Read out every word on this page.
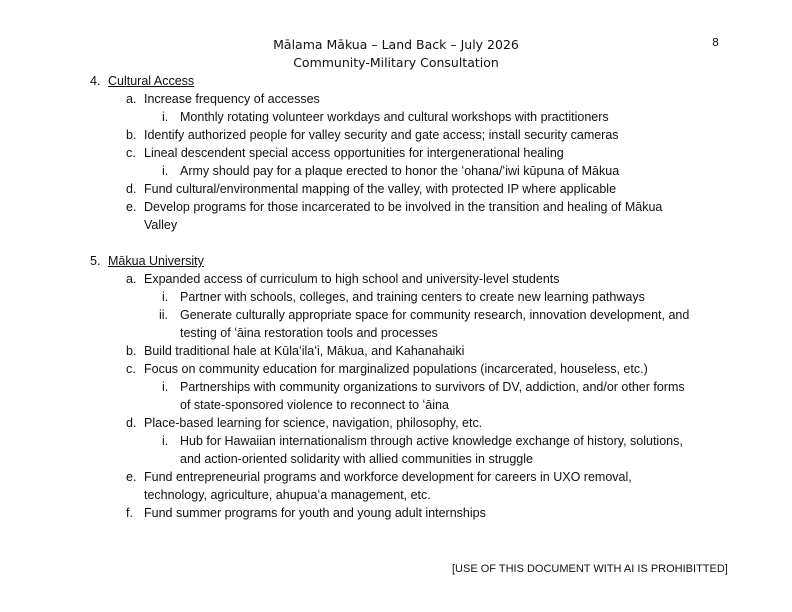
Mālama Mākua – Land Back – July 2026
Community-Military Consultation
8
4. Cultural Access
a. Increase frequency of accesses
i. Monthly rotating volunteer workdays and cultural workshops with practitioners
b. Identify authorized people for valley security and gate access; install security cameras
c. Lineal descendent special access opportunities for intergenerational healing
i. Army should pay for a plaque erected to honor the ʻohana/ʻiwi kūpuna of Mākua
d. Fund cultural/environmental mapping of the valley, with protected IP where applicable
e. Develop programs for those incarcerated to be involved in the transition and healing of Mākua
Valley
5. Mākua University
a. Expanded access of curriculum to high school and university-level students
i. Partner with schools, colleges, and training centers to create new learning pathways
ii. Generate culturally appropriate space for community research, innovation development, and
testing of ʻāina restoration tools and processes
b. Build traditional hale at Kūlaʻilaʻi, Mākua, and Kahanahaiki
c. Focus on community education for marginalized populations (incarcerated, houseless, etc.)
i. Partnerships with community organizations to survivors of DV, addiction, and/or other forms
of state-sponsored violence to reconnect to ʻāina
d. Place-based learning for science, navigation, philosophy, etc.
i. Hub for Hawaiian internationalism through active knowledge exchange of history, solutions,
and action-oriented solidarity with allied communities in struggle
e. Fund entrepreneurial programs and workforce development for careers in UXO removal,
technology, agriculture, ahupuaʻa management, etc.
f. Fund summer programs for youth and young adult internships
[USE OF THIS DOCUMENT WITH AI IS PROHIBITTED]
